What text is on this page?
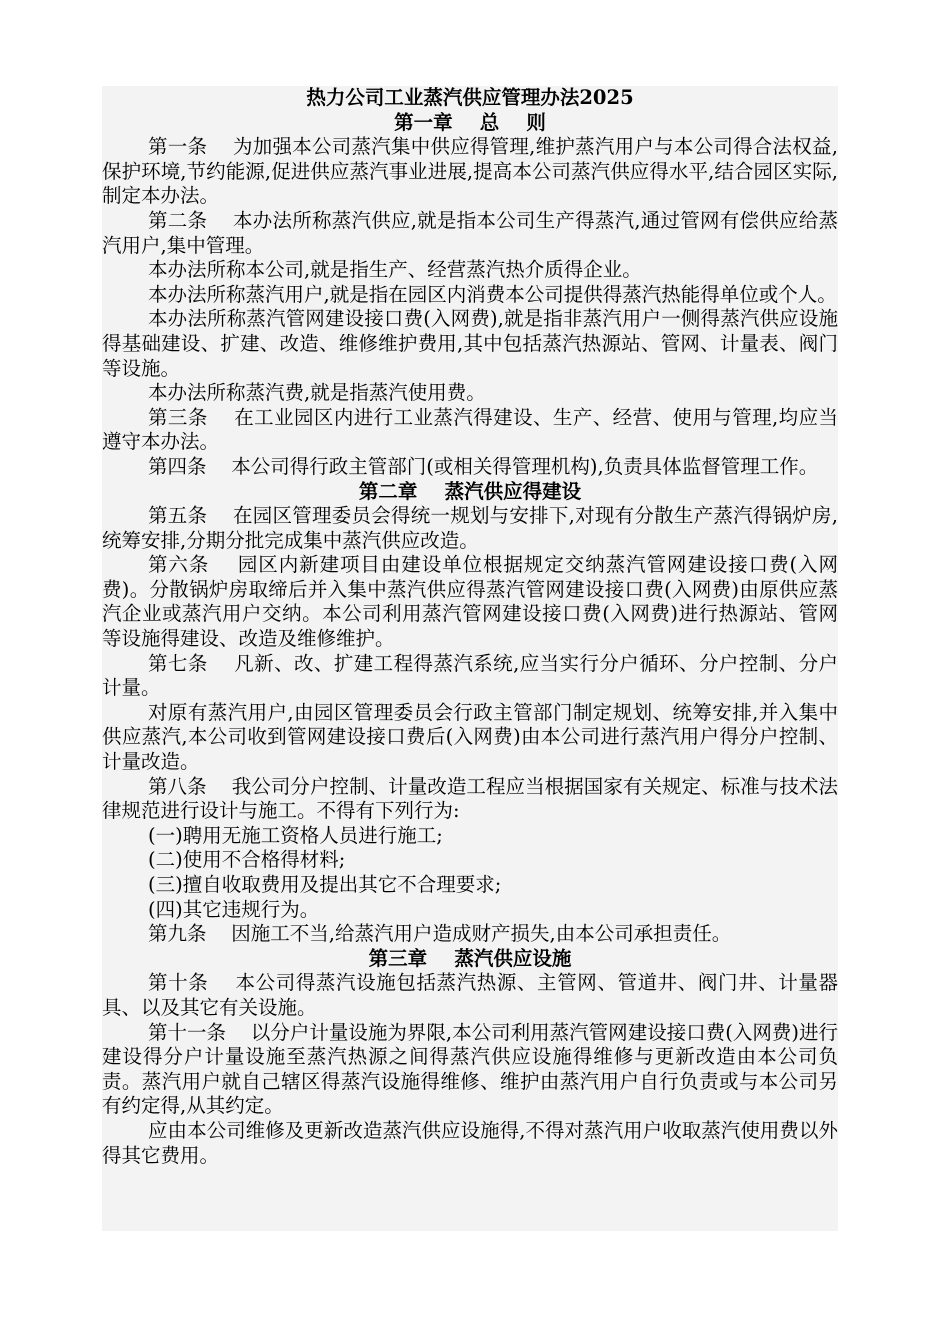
热力公司工业蒸汽供应管理办法2025

第一章    总    则

第一条    为加强本公司蒸汽集中供应得管理,维护蒸汽用户与本公司得合法权益,保护环境,节约能源,促进供应蒸汽事业进展,提高本公司蒸汽供应得水平,结合园区实际,制定本办法。

第二条    本办法所称蒸汽供应,就是指本公司生产得蒸汽,通过管网有偿供应给蒸汽用户,集中管理。

本办法所称本公司,就是指生产、经营蒸汽热介质得企业。

本办法所称蒸汽用户,就是指在园区内消费本公司提供得蒸汽热能得单位或个人。

本办法所称蒸汽管网建设接口费(入网费),就是指非蒸汽用户一侧得蒸汽供应设施得基础建设、扩建、改造、维修维护费用,其中包括蒸汽热源站、管网、计量表、阀门等设施。

本办法所称蒸汽费,就是指蒸汽使用费。

第三条    在工业园区内进行工业蒸汽得建设、生产、经营、使用与管理,均应当遵守本办法。

第四条    本公司得行政主管部门(或相关得管理机构),负责具体监督管理工作。

第二章    蒸汽供应得建设

第五条    在园区管理委员会得统一规划与安排下,对现有分散生产蒸汽得锅炉房,统筹安排,分期分批完成集中蒸汽供应改造。

第六条    园区内新建项目由建设单位根据规定交纳蒸汽管网建设接口费(入网费)。分散锅炉房取缔后并入集中蒸汽供应得蒸汽管网建设接口费(入网费)由原供应蒸汽企业或蒸汽用户交纳。本公司利用蒸汽管网建设接口费(入网费)进行热源站、管网等设施得建设、改造及维修维护。

第七条    凡新、改、扩建工程得蒸汽系统,应当实行分户循环、分户控制、分户计量。

对原有蒸汽用户,由园区管理委员会行政主管部门制定规划、统筹安排,并入集中供应蒸汽,本公司收到管网建设接口费后(入网费)由本公司进行蒸汽用户得分户控制、计量改造。

第八条    我公司分户控制、计量改造工程应当根据国家有关规定、标准与技术法律规范进行设计与施工。不得有下列行为:

(一)聘用无施工资格人员进行施工;

(二)使用不合格得材料;

(三)擅自收取费用及提出其它不合理要求;

(四)其它违规行为。

第九条    因施工不当,给蒸汽用户造成财产损失,由本公司承担责任。

第三章    蒸汽供应设施

第十条    本公司得蒸汽设施包括蒸汽热源、主管网、管道井、阀门井、计量器具、以及其它有关设施。

第十一条    以分户计量设施为界限,本公司利用蒸汽管网建设接口费(入网费)进行建设得分户计量设施至蒸汽热源之间得蒸汽供应设施得维修与更新改造由本公司负责。蒸汽用户就自己辖区得蒸汽设施得维修、维护由蒸汽用户自行负责或与本公司另有约定得,从其约定。

应由本公司维修及更新改造蒸汽供应设施得,不得对蒸汽用户收取蒸汽使用费以外得其它费用。
